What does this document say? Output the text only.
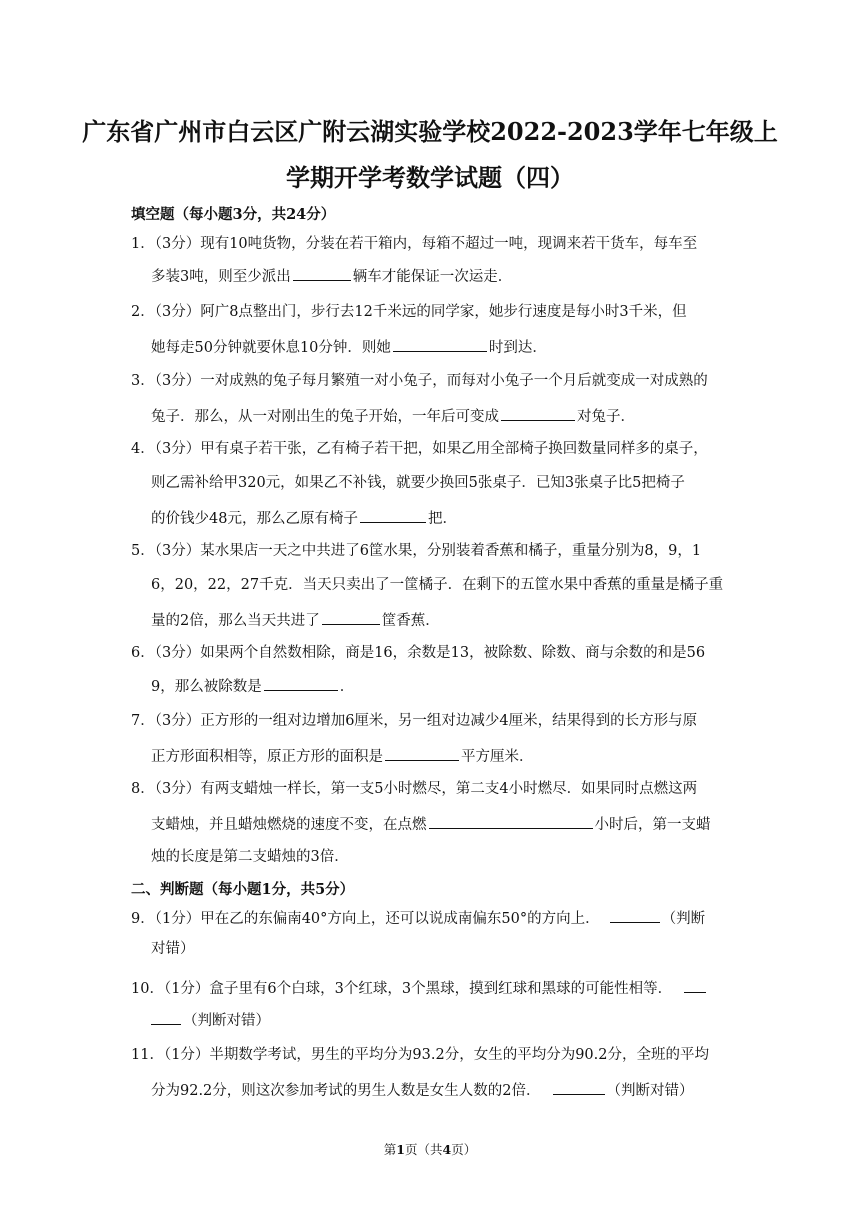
广东省广州市白云区广附云湖实验学校2022-2023学年七年级上
学期开学考数学试题（四）
填空题（每小题3分，共24分）
1．（3分）现有10吨货物，分装在若干箱内，每箱不超过一吨，现调来若干货车，每车至
多装3吨，则至少派出	辆车才能保证一次运走．
2．（3分）阿广8点整出门，步行去12千米远的同学家，她步行速度是每小时3千米，但
她每走50分钟就要休息10分钟．则她	时到达．
3．（3分）一对成熟的兔子每月繁殖一对小兔子，而每对小兔子一个月后就变成一对成熟的
兔子．那么，从一对刚出生的兔子开始，一年后可变成	对兔子．
4．（3分）甲有桌子若干张，乙有椅子若干把，如果乙用全部椅子换回数量同样多的桌子，
则乙需补给甲320元，如果乙不补钱，就要少换回5张桌子．已知3张桌子比5把椅子
的价钱少48元，那么乙原有椅子	把．
5．（3分）某水果店一天之中共进了6筐水果，分别装着香蕉和橘子，重量分别为8，9，1
6，20，22，27千克．当天只卖出了一筐橘子．在剩下的五筐水果中香蕉的重量是橘子重
量的2倍，那么当天共进了	筐香蕉．
6．（3分）如果两个自然数相除，商是16，余数是13，被除数、除数、商与余数的和是56
9，那么被除数是	．
7．（3分）正方形的一组对边增加6厘米，另一组对边减少4厘米，结果得到的长方形与原
正方形面积相等，原正方形的面积是	平方厘米．
8．（3分）有两支蜡烛一样长，第一支5小时燃尽，第二支4小时燃尽．如果同时点燃这两
支蜡烛，并且蜡烛燃烧的速度不变，在点燃	小时后，第一支蜡
烛的长度是第二支蜡烛的3倍．
二、判断题（每小题1分，共5分）
9．（1分）甲在乙的东偏南40°方向上，还可以说成南偏东50°的方向上．	（判断
对错）
10．（1分）盒子里有6个白球，3个红球，3个黑球，摸到红球和黑球的可能性相等．
（判断对错）
11．（1分）半期数学考试，男生的平均分为93.2分，女生的平均分为90.2分，全班的平均
分为92.2分，则这次参加考试的男生人数是女生人数的2倍．	（判断对错）
第1页（共4页）
